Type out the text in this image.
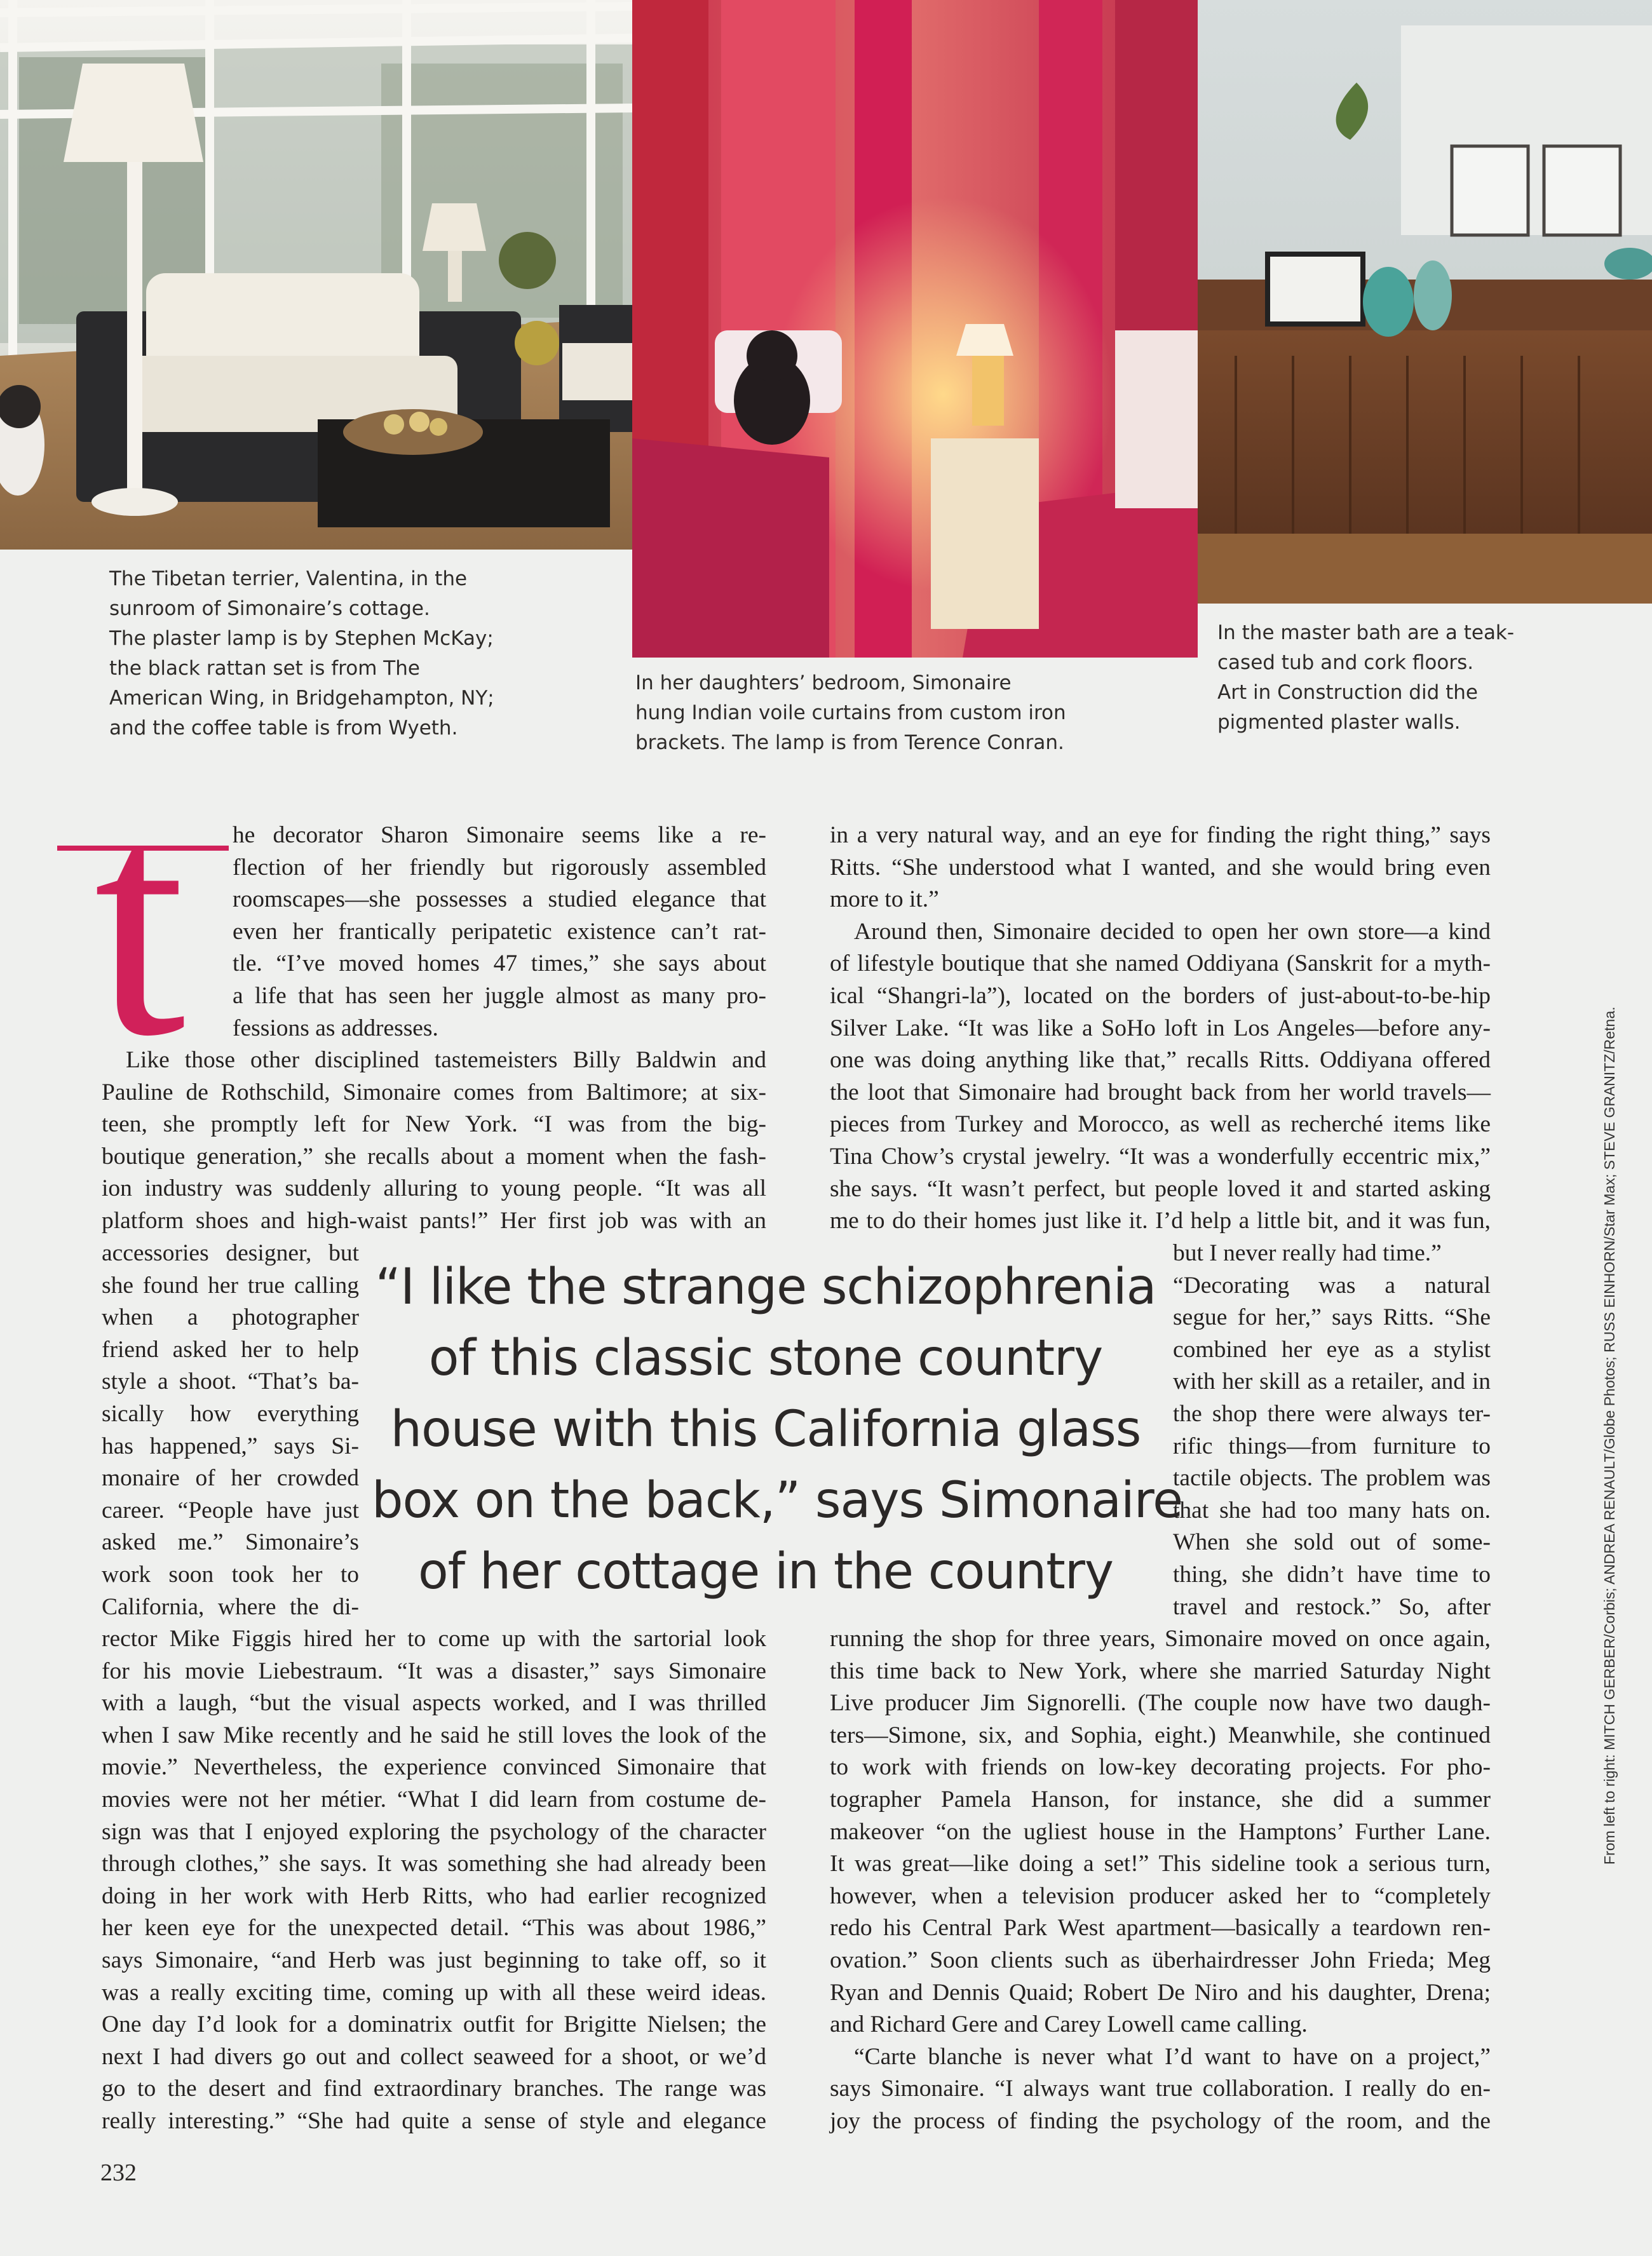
The Tibetan terrier, Valentina, in the
sunroom of Simonaire’s cottage.
The plaster lamp is by Stephen McKay;
the black rattan set is from The
American Wing, in Bridgehampton, NY;
and the coffee table is from Wyeth.
In her daughters’ bedroom, Simonaire
hung Indian voile curtains from custom iron
brackets. The lamp is from Terence Conran.
In the master bath are a teak-
cased tub and cork floors.
Art in Construction did the
pigmented plaster walls.
t he decorator Sharon Simonaire seems like a re-
flection of her friendly but rigorously assembled
roomscapes—she possesses a studied elegance that
even her frantically peripatetic existence can’t rat-
tle. “I’ve moved homes 47 times,” she says about
a life that has seen her juggle almost as many pro-
fessions as addresses.
Like those other disciplined tastemeisters Billy Baldwin and
Pauline de Rothschild, Simonaire comes from Baltimore; at six-
teen, she promptly left for New York. “I was from the big-
boutique generation,” she recalls about a moment when the fash-
ion industry was suddenly alluring to young people. “It was all
platform shoes and high-waist pants!” Her first job was with an
accessories designer, but
she found her true calling
when a photographer
friend asked her to help
style a shoot. “That’s ba-
sically how everything
has happened,” says Si-
monaire of her crowded
career. “People have just
asked me.” Simonaire’s
work soon took her to
California, where the di-
rector Mike Figgis hired her to come up with the sartorial look
for his movie Liebestraum. “It was a disaster,” says Simonaire
with a laugh, “but the visual aspects worked, and I was thrilled
when I saw Mike recently and he said he still loves the look of the
movie.” Nevertheless, the experience convinced Simonaire that
movies were not her métier. “What I did learn from costume de-
sign was that I enjoyed exploring the psychology of the character
through clothes,” she says. It was something she had already been
doing in her work with Herb Ritts, who had earlier recognized
her keen eye for the unexpected detail. “This was about 1986,”
says Simonaire, “and Herb was just beginning to take off, so it
was a really exciting time, coming up with all these weird ideas.
One day I’d look for a dominatrix outfit for Brigitte Nielsen; the
next I had divers go out and collect seaweed for a shoot, or we’d
go to the desert and find extraordinary branches. The range was
really interesting.” “She had quite a sense of style and elegance
in a very natural way, and an eye for finding the right thing,” says
Ritts. “She understood what I wanted, and she would bring even
more to it.”
Around then, Simonaire decided to open her own store—a kind
of lifestyle boutique that she named Oddiyana (Sanskrit for a myth-
ical “Shangri-la”), located on the borders of just-about-to-be-hip
Silver Lake. “It was like a SoHo loft in Los Angeles—before any-
one was doing anything like that,” recalls Ritts. Oddiyana offered
the loot that Simonaire had brought back from her world travels—
pieces from Turkey and Morocco, as well as recherché items like
Tina Chow’s crystal jewelry. “It was a wonderfully eccentric mix,”
she says. “It wasn’t perfect, but people loved it and started asking
me to do their homes just like it. I’d help a little bit, and it was fun,
but I never really had time.”
“Decorating was a natural
segue for her,” says Ritts. “She
combined her eye as a stylist
with her skill as a retailer, and in
the shop there were always ter-
rific things—from furniture to
tactile objects. The problem was
that she had too many hats on.
When she sold out of some-
thing, she didn’t have time to
travel and restock.” So, after
running the shop for three years, Simonaire moved on once again,
this time back to New York, where she married Saturday Night
Live producer Jim Signorelli. (The couple now have two daugh-
ters—Simone, six, and Sophia, eight.) Meanwhile, she continued
to work with friends on low-key decorating projects. For pho-
tographer Pamela Hanson, for instance, she did a summer
makeover “on the ugliest house in the Hamptons’ Further Lane.
It was great—like doing a set!” This sideline took a serious turn,
however, when a television producer asked her to “completely
redo his Central Park West apartment—basically a teardown ren-
ovation.” Soon clients such as überhairdresser John Frieda; Meg
Ryan and Dennis Quaid; Robert De Niro and his daughter, Drena;
and Richard Gere and Carey Lowell came calling.
“Carte blanche is never what I’d want to have on a project,”
says Simonaire. “I always want true collaboration. I really do en-
joy the process of finding the psychology of the room, and the
“I like the strange schizophrenia
of this classic stone country
house with this California glass
box on the back,” says Simonaire
of her cottage in the country	From left to right: MITCH GERBER/Corbis; ANDREA RENAULT/Globe Photos; RUSS EINHORN/Star Max; STEVE GRANITZ/Retna.
232
